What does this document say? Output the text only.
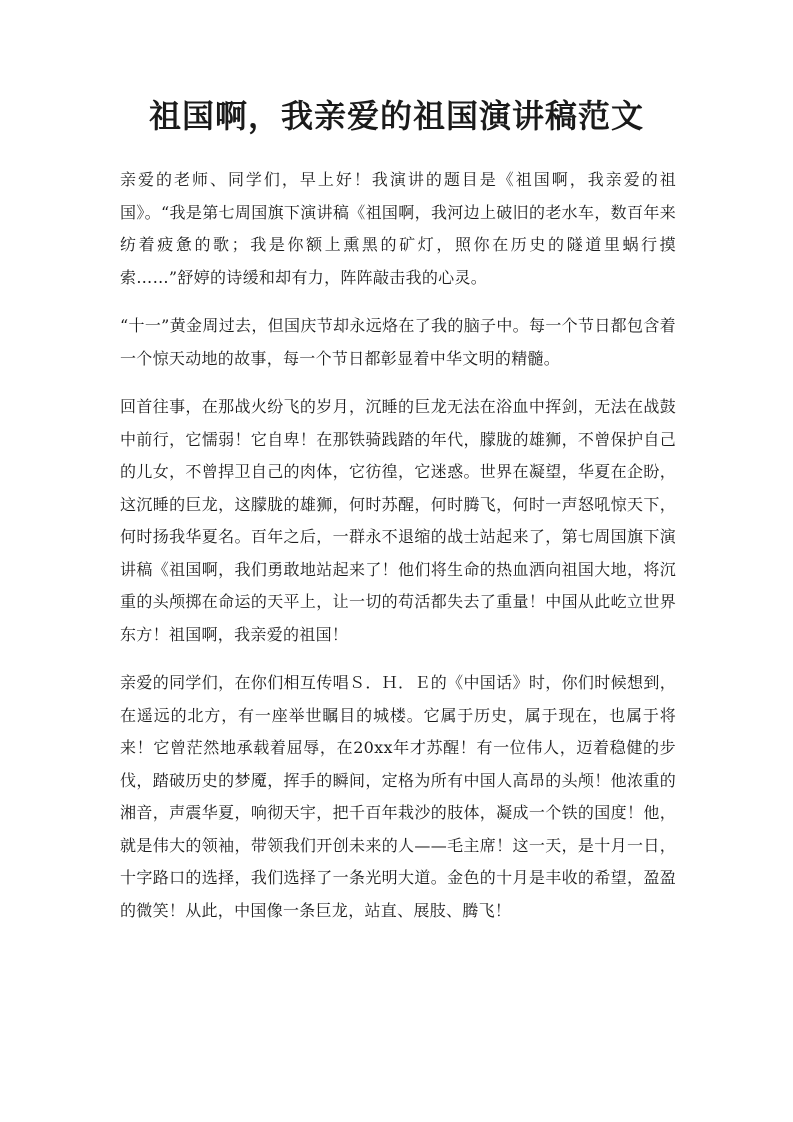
祖国啊，我亲爱的祖国演讲稿范文

亲爱的老师、同学们，早上好！我演讲的题目是《祖国啊，我亲爱的祖国》。“我是第七周国旗下演讲稿《祖国啊，我河边上破旧的老水车，数百年来纺着疲惫的歌；我是你额上熏黑的矿灯，照你在历史的隧道里蜗行摸索……”舒婷的诗缓和却有力，阵阵敲击我的心灵。

“十一”黄金周过去，但国庆节却永远烙在了我的脑子中。每一个节日都包含着一个惊天动地的故事，每一个节日都彰显着中华文明的精髓。

回首往事，在那战火纷飞的岁月，沉睡的巨龙无法在浴血中挥剑，无法在战鼓中前行，它懦弱！它自卑！在那铁骑践踏的年代，朦胧的雄狮，不曾保护自己的儿女，不曾捍卫自己的肉体，它彷徨，它迷惑。世界在凝望，华夏在企盼，这沉睡的巨龙，这朦胧的雄狮，何时苏醒，何时腾飞，何时一声怒吼惊天下，何时扬我华夏名。百年之后，一群永不退缩的战士站起来了，第七周国旗下演讲稿《祖国啊，我们勇敢地站起来了！他们将生命的热血洒向祖国大地，将沉重的头颅掷在命运的天平上，让一切的苟活都失去了重量！中国从此屹立世界东方！祖国啊，我亲爱的祖国！

亲爱的同学们，在你们相互传唱Ｓ．Ｈ．Ｅ的《中国话》时，你们时候想到，在遥远的北方，有一座举世瞩目的城楼。它属于历史，属于现在，也属于将来！它曾茫然地承载着屈辱，在20xx年才苏醒！有一位伟人，迈着稳健的步伐，踏破历史的梦魇，挥手的瞬间，定格为所有中国人高昂的头颅！他浓重的湘音，声震华夏，响彻天宇，把千百年栽沙的肢体，凝成一个铁的国度！他，就是伟大的领袖，带领我们开创未来的人——毛主席！这一天，是十月一日，十字路口的选择，我们选择了一条光明大道。金色的十月是丰收的希望，盈盈的微笑！从此，中国像一条巨龙，站直、展肢、腾飞！
